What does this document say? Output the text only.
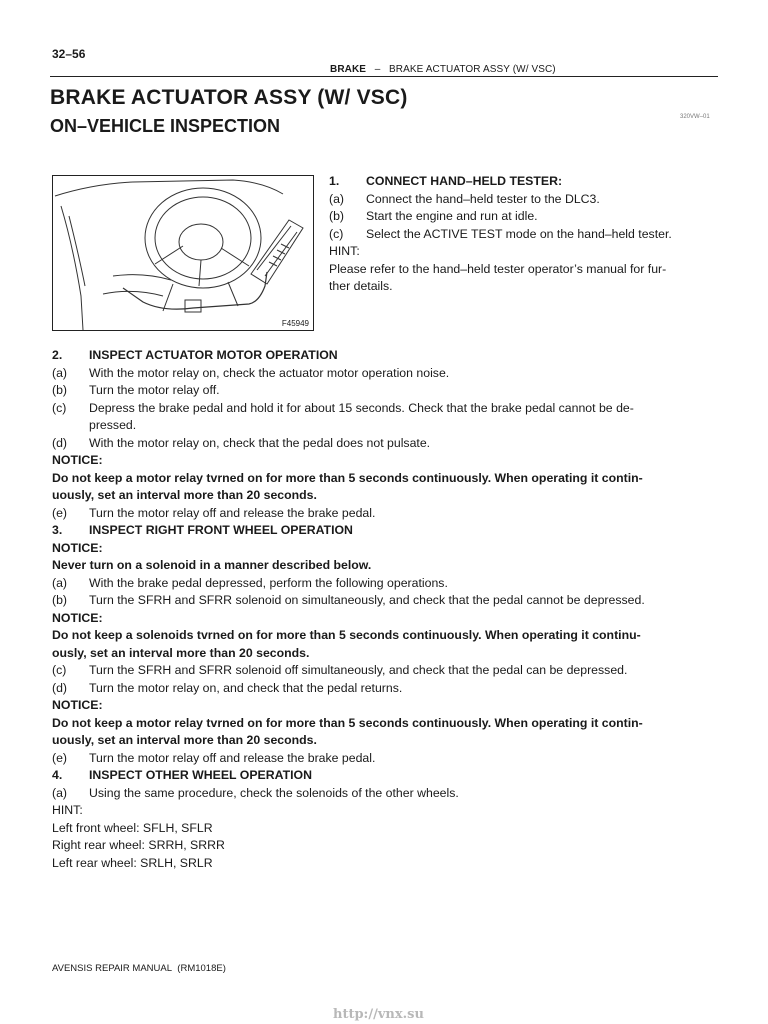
32–56
BRAKE – BRAKE ACTUATOR ASSY (W/ VSC)
BRAKE ACTUATOR ASSY (W/ VSC)
ON–VEHICLE INSPECTION	320VW–01
F45949
1. CONNECT HAND–HELD TESTER:
(a) Connect the hand–held tester to the DLC3.
(b) Start the engine and run at idle.
(c) Select the ACTIVE TEST mode on the hand–held tester.
HINT:
Please refer to the hand–held tester operator’s manual for fur-
ther details.
2. INSPECT ACTUATOR MOTOR OPERATION
(a) With the motor relay on, check the actuator motor operation noise.
(b) Turn the motor relay off.
(c) Depress the brake pedal and hold it for about 15 seconds. Check that the brake pedal cannot be de-
pressed.
(d) With the motor relay on, check that the pedal does not pulsate.
NOTICE:
Do not keep a motor relay tvrned on for more than 5 seconds continuously. When operating it contin-
uously, set an interval more than 20 seconds.
(e) Turn the motor relay off and release the brake pedal.
3. INSPECT RIGHT FRONT WHEEL OPERATION
NOTICE:
Never turn on a solenoid in a manner described below.
(a) With the brake pedal depressed, perform the following operations.
(b) Turn the SFRH and SFRR solenoid on simultaneously, and check that the pedal cannot be depressed.
NOTICE:
Do not keep a solenoids tvrned on for more than 5 seconds continuously. When operating it continu-
ously, set an interval more than 20 seconds.
(c) Turn the SFRH and SFRR solenoid off simultaneously, and check that the pedal can be depressed.
(d) Turn the motor relay on, and check that the pedal returns.
NOTICE:
Do not keep a motor relay tvrned on for more than 5 seconds continuously. When operating it contin-
uously, set an interval more than 20 seconds.
(e) Turn the motor relay off and release the brake pedal.
4. INSPECT OTHER WHEEL OPERATION
(a) Using the same procedure, check the solenoids of the other wheels.
HINT:
Left front wheel: SFLH, SFLR
Right rear wheel: SRRH, SRRR
Left rear wheel: SRLH, SRLR
AVENSIS REPAIR MANUAL (RM1018E)
http://vnx.su
